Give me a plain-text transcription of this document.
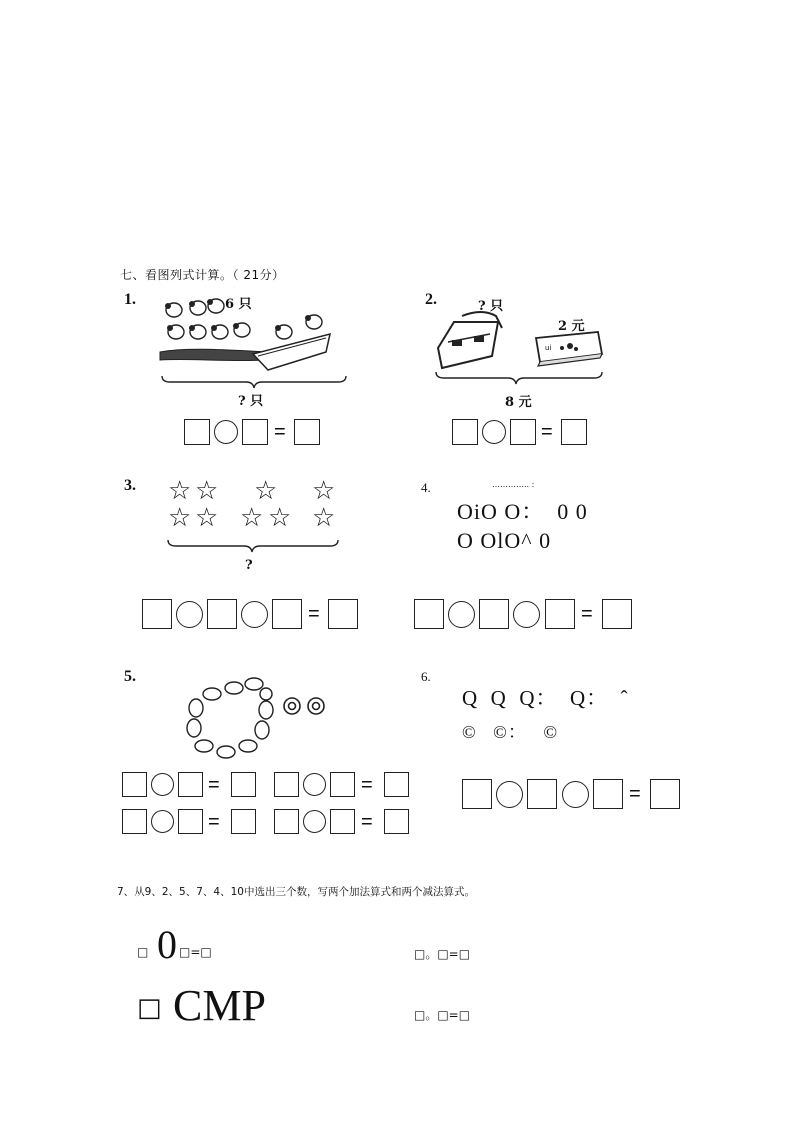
七、看图列式计算。（ 21分）
1.	6 只
? 只
=
2.	? 只
2 元
ui
8 元
=
3. ☆ ☆ ☆ ☆
☆ ☆ ☆ ☆ ☆
?
=
4.	………….. :
OiO O：  0 0
O OlO^ 0
=
5.
=	=
=	=
6.
Q  Q  Q：  Q：  ˆ
©   ©：   ©
=
7、从9、2、5、7、4、10中选出三个数，写两个加法算式和两个减法算式。
□ 0 □=□	□。□=□
□ CMP	□。□=□
